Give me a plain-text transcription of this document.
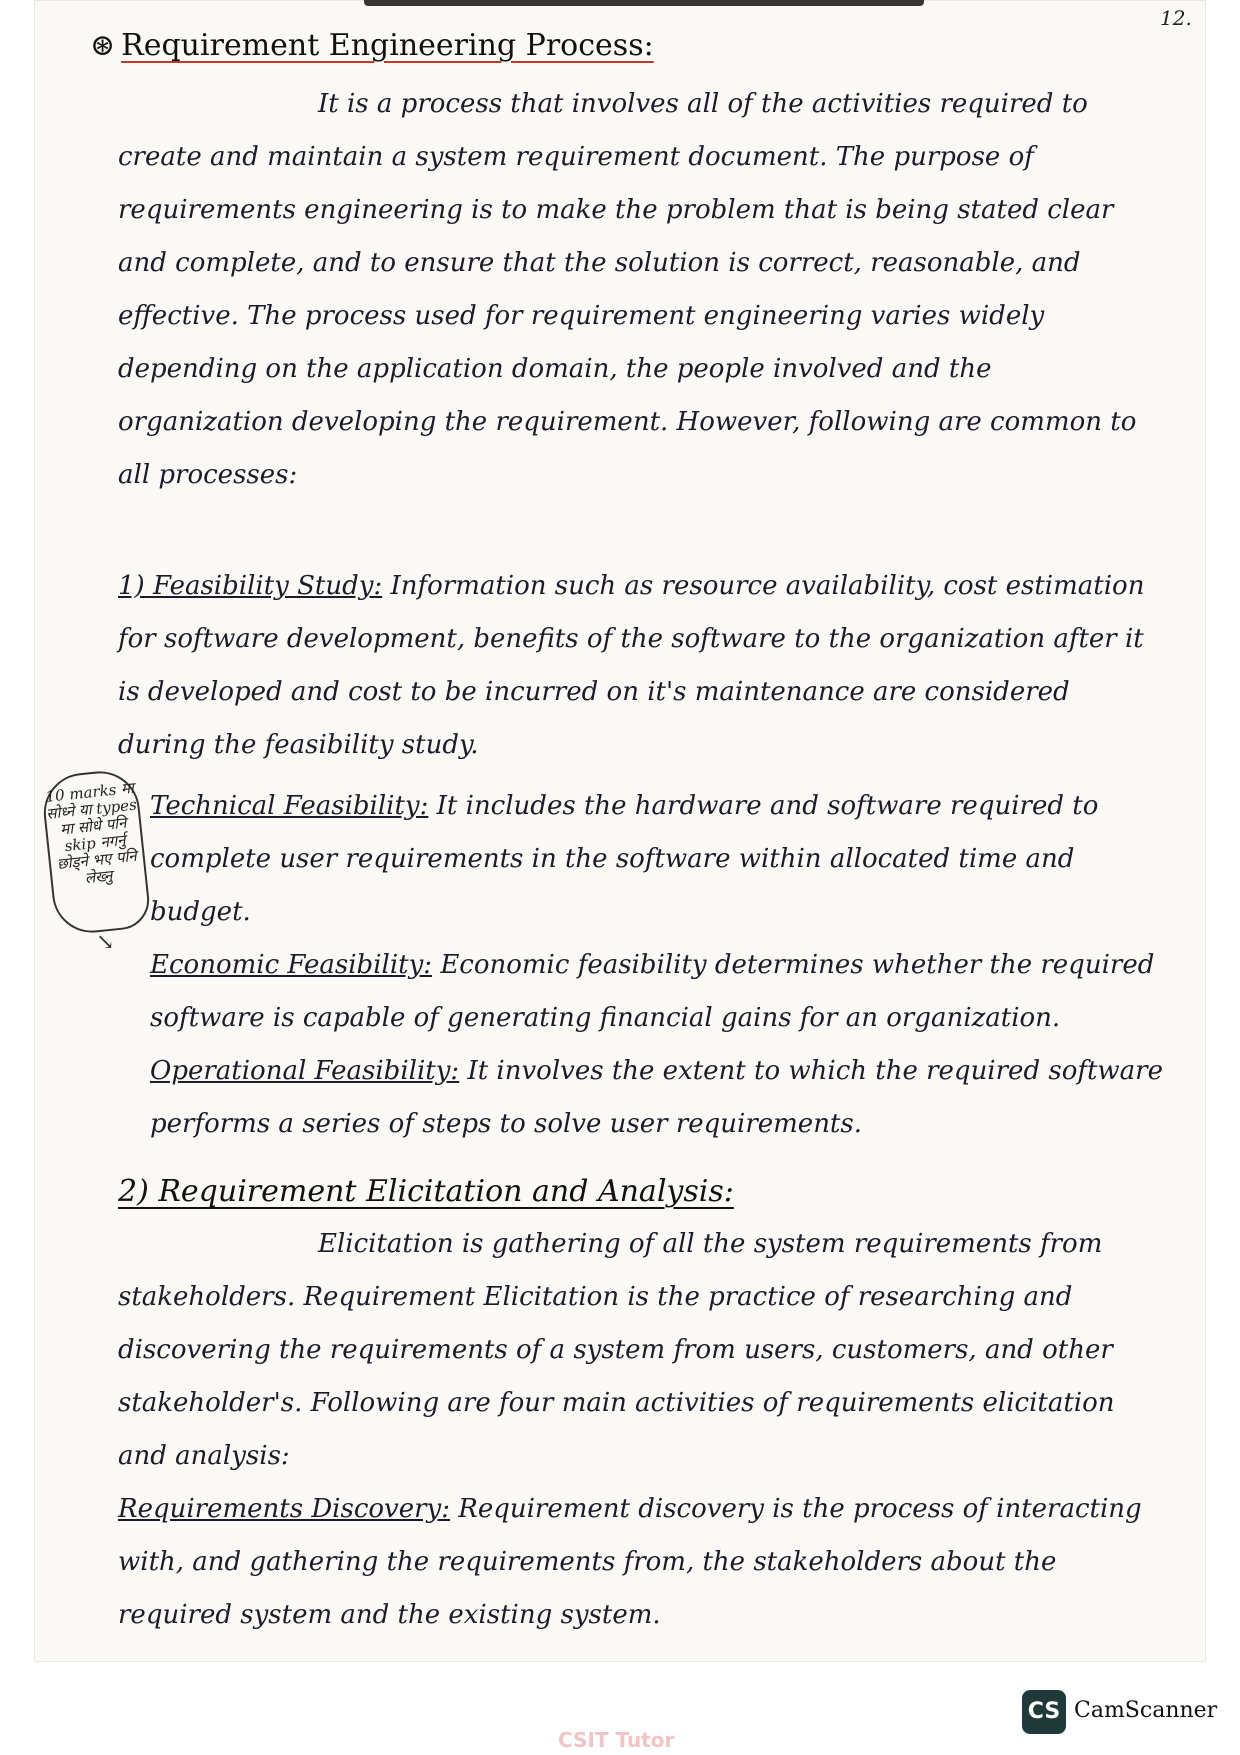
12.
⊛ Requirement Engineering Process:

It is a process that involves all of the activities required to create and maintain a system requirement document. The purpose of requirements engineering is to make the problem that is being stated clear and complete, and to ensure that the solution is correct, reasonable, and effective. The process used for requirement engineering varies widely depending on the application domain, the people involved and the organization developing the requirement. However, following are common to all processes:

1) Feasibility Study: Information such as resource availability, cost estimation for software development, benefits of the software to the organization after it is developed and cost to be incurred on it's maintenance are considered during the feasibility study.

10 marks मा सोध्ने या types मा सोधे पनि skip नगर्नु छोड्ने भए पनि लेख्नु
↘

Technical Feasibility: It includes the hardware and software required to complete user requirements in the software within allocated time and budget.

Economic Feasibility: Economic feasibility determines whether the required software is capable of generating financial gains for an organization.

Operational Feasibility: It involves the extent to which the required software performs a series of steps to solve user requirements.

2) Requirement Elicitation and Analysis:

Elicitation is gathering of all the system requirements from stakeholders. Requirement Elicitation is the practice of researching and discovering the requirements of a system from users, customers, and other stakeholder's. Following are four main activities of requirements elicitation and analysis:

Requirements Discovery: Requirement discovery is the process of interacting with, and gathering the requirements from, the stakeholders about the required system and the existing system.

CS CamScanner
CSIT Tutor
